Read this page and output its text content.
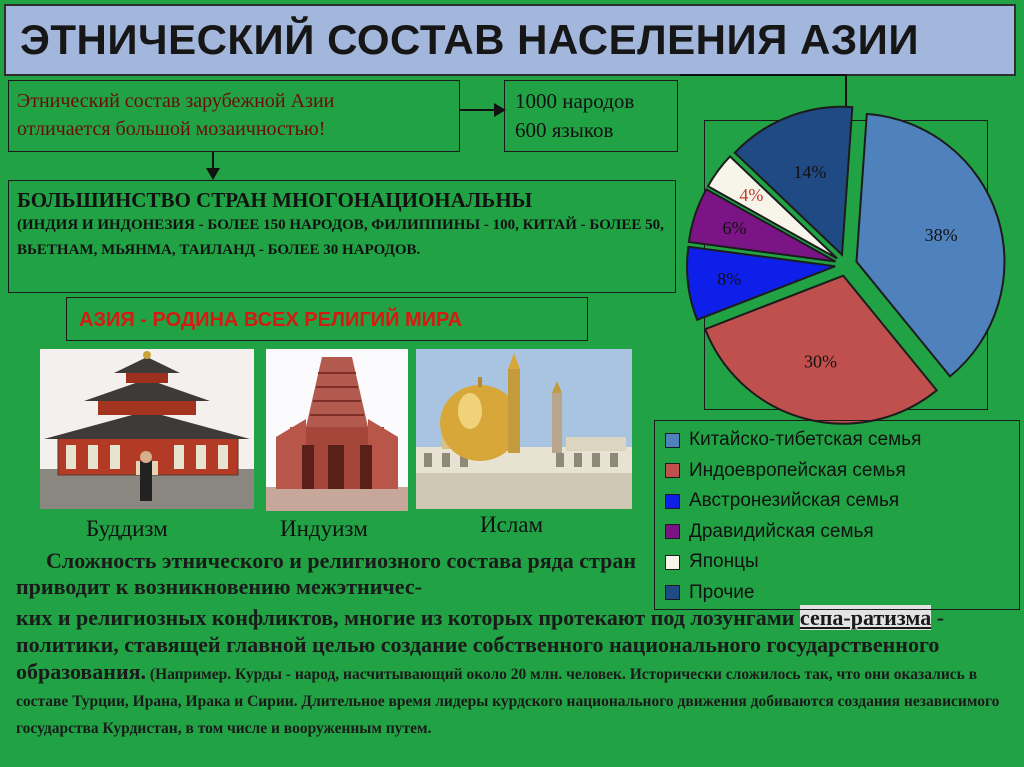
ЭТНИЧЕСКИЙ СОСТАВ НАСЕЛЕНИЯ АЗИИ
Этнический состав зарубежной Азии
отличается большой мозаичностью!
1000 народов
600 языков
БОЛЬШИНСТВО СТРАН МНОГОНАЦИОНАЛЬНЫ
(ИНДИЯ И ИНДОНЕЗИЯ - БОЛЕЕ 150 НАРОДОВ, ФИЛИППИНЫ - 100, КИТАЙ - БОЛЕЕ 50, ВЬЕТНАМ, МЬЯНМА, ТАИЛАНД - БОЛЕЕ 30 НАРОДОВ.
АЗИЯ - РОДИНА ВСЕХ РЕЛИГИЙ МИРА
Буддизм	Индуизм	Ислам
Сложность этнического и религиозного состава ряда стран приводит к возникновению межэтничес-
ких и религиозных конфликтов, многие из которых протекают под лозунгами сепа-ратизма - политики, ставящей главной целью создание собственного национального государственного образования. (Например. Курды - народ, насчитывающий около 20 млн. человек. Исторически сложилось так, что они оказались в составе Турции, Ирана, Ирака и Сирии. Длительное время лидеры курдского национального движения добиваются создания независимого государства Курдистан, в том числе и вооруженным путем.
38%
30%
8%
6%
4%
14%
Китайско-тибетская семья
Индоевропейская семья
Австронезийская семья
Дравидийская семья
Японцы
Прочие
